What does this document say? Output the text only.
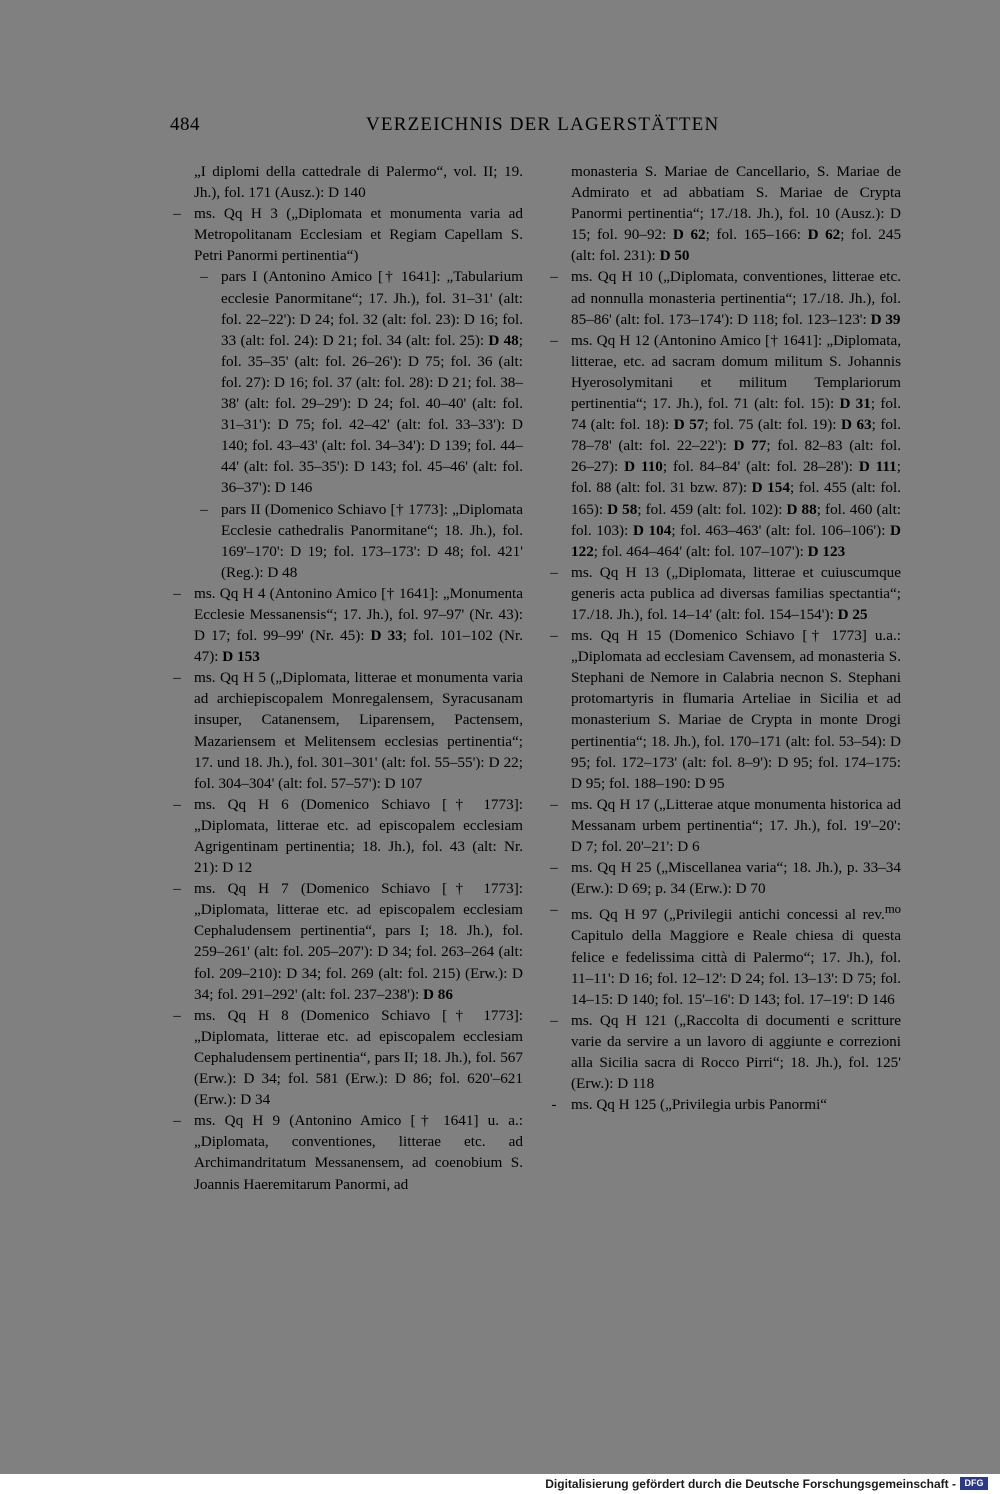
484	VERZEICHNIS DER LAGERSTÄTTEN
„I diplomi della cattedrale di Palermo“, vol. II; 19. Jh.), fol. 171 (Ausz.): D 140
– ms. Qq H 3 („Diplomata et monumenta varia ad Metropolitanam Ecclesiam et Regiam Capellam S. Petri Panormi pertinentia“)
– pars I (Antonino Amico [† 1641]: „Tabularium ecclesie Panormitane“; 17. Jh.), fol. 31–31' (alt: fol. 22–22'): D 24; fol. 32 (alt: fol. 23): D 16; fol. 33 (alt: fol. 24): D 21; fol. 34 (alt: fol. 25): D 48; fol. 35–35' (alt: fol. 26–26'): D 75; fol. 36 (alt: fol. 27): D 16; fol. 37 (alt: fol. 28): D 21; fol. 38–38' (alt: fol. 29–29'): D 24; fol. 40–40' (alt: fol. 31–31'): D 75; fol. 42–42' (alt: fol. 33–33'): D 140; fol. 43–43' (alt: fol. 34–34'): D 139; fol. 44–44' (alt: fol. 35–35'): D 143; fol. 45–46' (alt: fol. 36–37'): D 146
– pars II (Domenico Schiavo [† 1773]: „Diplomata Ecclesie cathedralis Panormitane“; 18. Jh.), fol. 169'–170': D 19; fol. 173–173': D 48; fol. 421' (Reg.): D 48
– ms. Qq H 4 (Antonino Amico [† 1641]: „Monumenta Ecclesie Messanensis“; 17. Jh.), fol. 97–97' (Nr. 43): D 17; fol. 99–99' (Nr. 45): D 33; fol. 101–102 (Nr. 47): D 153
– ms. Qq H 5 („Diplomata, litterae et monumenta varia ad archiepiscopalem Monregalensem, Syracusanam insuper, Catanensem, Liparensem, Pactensem, Mazariensem et Melitensem ecclesias pertinentia“; 17. und 18. Jh.), fol. 301–301' (alt: fol. 55–55'): D 22; fol. 304–304' (alt: fol. 57–57'): D 107
– ms. Qq H 6 (Domenico Schiavo [† 1773]: „Diplomata, litterae etc. ad episcopalem ecclesiam Agrigentinam pertinentia; 18. Jh.), fol. 43 (alt: Nr. 21): D 12
– ms. Qq H 7 (Domenico Schiavo [† 1773]: „Diplomata, litterae etc. ad episcopalem ecclesiam Cephaludensem pertinentia“, pars I; 18. Jh.), fol. 259–261' (alt: fol. 205–207'): D 34; fol. 263–264 (alt: fol. 209–210): D 34; fol. 269 (alt: fol. 215) (Erw.): D 34; fol. 291–292' (alt: fol. 237–238'): D 86
– ms. Qq H 8 (Domenico Schiavo [† 1773]: „Diplomata, litterae etc. ad episcopalem ecclesiam Cephaludensem pertinentia“, pars II; 18. Jh.), fol. 567 (Erw.): D 34; fol. 581 (Erw.): D 86; fol. 620'–621 (Erw.): D 34
– ms. Qq H 9 (Antonino Amico [† 1641] u. a.: „Diplomata, conventiones, litterae etc. ad Archimandritatum Messanensem, ad coenobium S. Joannis Haeremitarum Panormi, ad
monasteria S. Mariae de Cancellario, S. Mariae de Admirato et ad abbatiam S. Mariae de Crypta Panormi pertinentia“; 17./18. Jh.), fol. 10 (Ausz.): D 15; fol. 90–92: D 62; fol. 165–166: D 62; fol. 245 (alt: fol. 231): D 50
– ms. Qq H 10 („Diplomata, conventiones, litterae etc. ad nonnulla monasteria pertinentia“; 17./18. Jh.), fol. 85–86' (alt: fol. 173–174'): D 118; fol. 123–123': D 39
– ms. Qq H 12 (Antonino Amico [† 1641]: „Diplomata, litterae, etc. ad sacram domum militum S. Johannis Hyerosolymitani et militum Templariorum pertinentia“; 17. Jh.), fol. 71 (alt: fol. 15): D 31; fol. 74 (alt: fol. 18): D 57; fol. 75 (alt: fol. 19): D 63; fol. 78–78' (alt: fol. 22–22'): D 77; fol. 82–83 (alt: fol. 26–27): D 110; fol. 84–84' (alt: fol. 28–28'): D 111; fol. 88 (alt: fol. 31 bzw. 87): D 154; fol. 455 (alt: fol. 165): D 58; fol. 459 (alt: fol. 102): D 88; fol. 460 (alt: fol. 103): D 104; fol. 463–463' (alt: fol. 106–106'): D 122; fol. 464–464' (alt: fol. 107–107'): D 123
– ms. Qq H 13 („Diplomata, litterae et cuiuscumque generis acta publica ad diversas familias spectantia“; 17./18. Jh.), fol. 14–14' (alt: fol. 154–154'): D 25
– ms. Qq H 15 (Domenico Schiavo [† 1773] u.a.: „Diplomata ad ecclesiam Cavensem, ad monasteria S. Stephani de Nemore in Calabria necnon S. Stephani protomartyris in flumaria Arteliae in Sicilia et ad monasterium S. Mariae de Crypta in monte Drogi pertinentia“; 18. Jh.), fol. 170–171 (alt: fol. 53–54): D 95; fol. 172–173' (alt: fol. 8–9'): D 95; fol. 174–175: D 95; fol. 188–190: D 95
– ms. Qq H 17 („Litterae atque monumenta historica ad Messanam urbem pertinentia“; 17. Jh.), fol. 19'–20': D 7; fol. 20'–21': D 6
– ms. Qq H 25 („Miscellanea varia“; 18. Jh.), p. 33–34 (Erw.): D 69; p. 34 (Erw.): D 70
– ms. Qq H 97 („Privilegii antichi concessi al rev.$^{mo}$ Capitulo della Maggiore e Reale chiesa di questa felice e fedelissima città di Palermo“; 17. Jh.), fol. 11–11': D 16; fol. 12–12': D 24; fol. 13–13': D 75; fol. 14–15: D 140; fol. 15'–16': D 143; fol. 17–19': D 146
– ms. Qq H 121 („Raccolta di documenti e scritture varie da servire a un lavoro di aggiunte e correzioni alla Sicilia sacra di Rocco Pirri“; 18. Jh.), fol. 125' (Erw.): D 118
- ms. Qq H 125 („Privilegia urbis Panormi“
Digitalisierung gefördert durch die Deutsche Forschungsgemeinschaft - DFG
